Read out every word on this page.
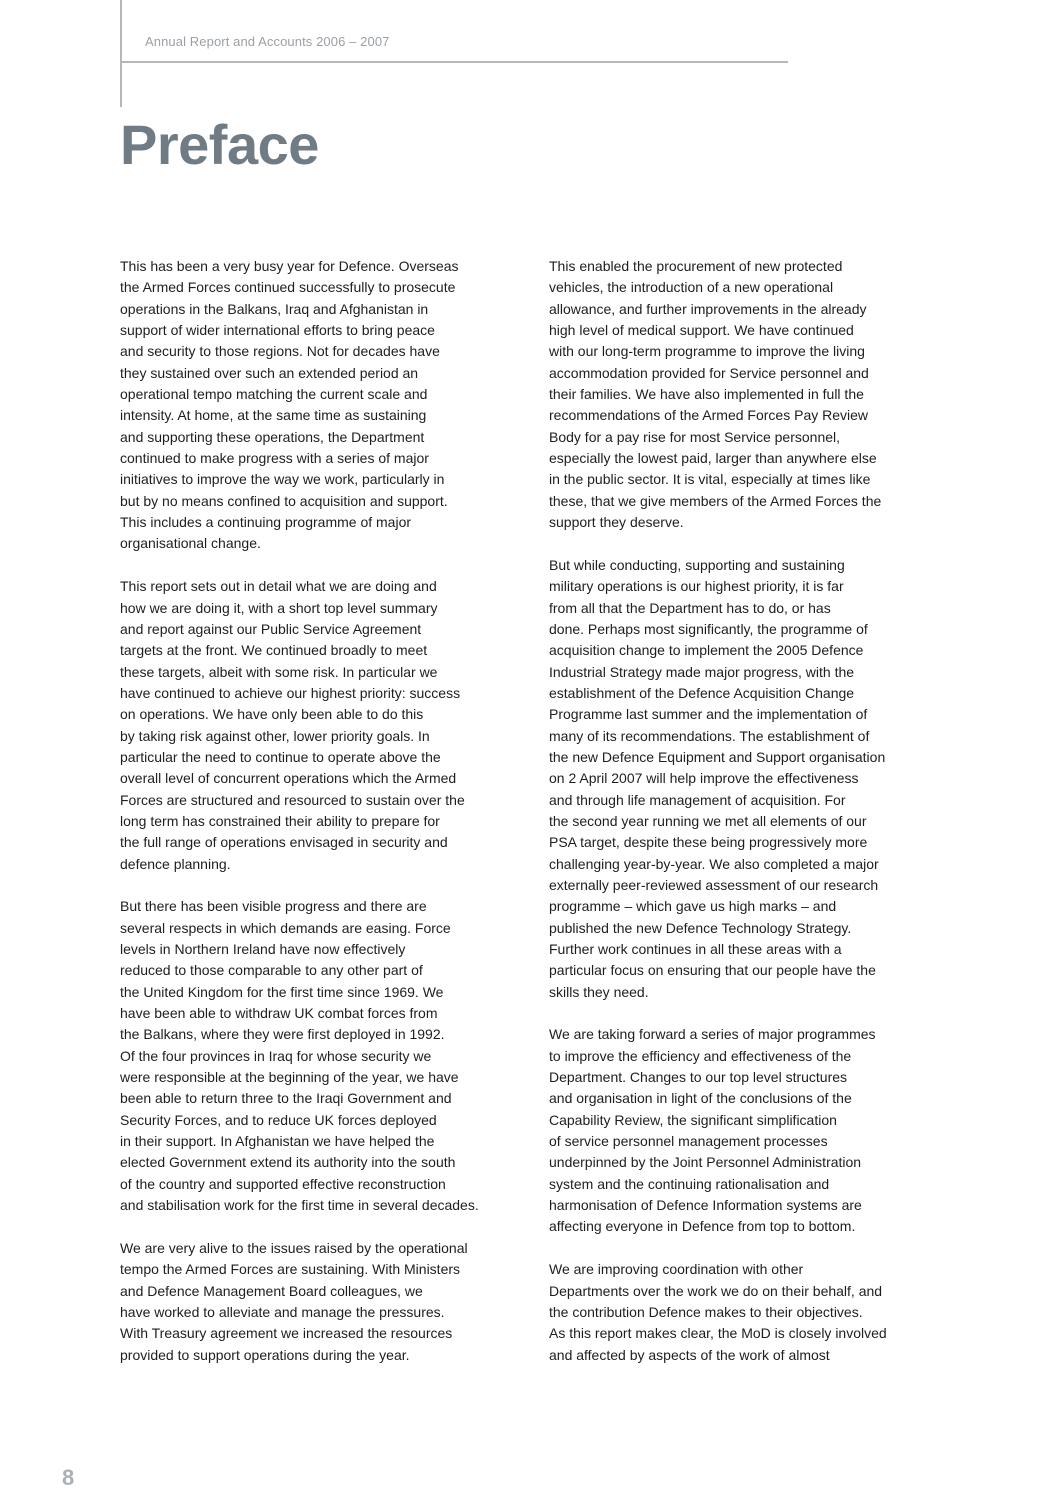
Annual Report and Accounts 2006 – 2007
Preface
This has been a very busy year for Defence. Overseas
the Armed Forces continued successfully to prosecute
operations in the Balkans, Iraq and Afghanistan in
support of wider international efforts to bring peace
and security to those regions. Not for decades have
they sustained over such an extended period an
operational tempo matching the current scale and
intensity. At home, at the same time as sustaining
and supporting these operations, the Department
continued to make progress with a series of major
initiatives to improve the way we work, particularly in
but by no means confined to acquisition and support.
This includes a continuing programme of major
organisational change.
This report sets out in detail what we are doing and
how we are doing it, with a short top level summary
and report against our Public Service Agreement
targets at the front. We continued broadly to meet
these targets, albeit with some risk. In particular we
have continued to achieve our highest priority: success
on operations. We have only been able to do this
by taking risk against other, lower priority goals. In
particular the need to continue to operate above the
overall level of concurrent operations which the Armed
Forces are structured and resourced to sustain over the
long term has constrained their ability to prepare for
the full range of operations envisaged in security and
defence planning.
But there has been visible progress and there are
several respects in which demands are easing. Force
levels in Northern Ireland have now effectively
reduced to those comparable to any other part of
the United Kingdom for the first time since 1969. We
have been able to withdraw UK combat forces from
the Balkans, where they were first deployed in 1992.
Of the four provinces in Iraq for whose security we
were responsible at the beginning of the year, we have
been able to return three to the Iraqi Government and
Security Forces, and to reduce UK forces deployed
in their support. In Afghanistan we have helped the
elected Government extend its authority into the south
of the country and supported effective reconstruction
and stabilisation work for the first time in several decades.
We are very alive to the issues raised by the operational
tempo the Armed Forces are sustaining. With Ministers
and Defence Management Board colleagues, we
have worked to alleviate and manage the pressures.
With Treasury agreement we increased the resources
provided to support operations during the year.
This enabled the procurement of new protected
vehicles, the introduction of a new operational
allowance, and further improvements in the already
high level of medical support. We have continued
with our long-term programme to improve the living
accommodation provided for Service personnel and
their families. We have also implemented in full the
recommendations of the Armed Forces Pay Review
Body for a pay rise for most Service personnel,
especially the lowest paid, larger than anywhere else
in the public sector. It is vital, especially at times like
these, that we give members of the Armed Forces the
support they deserve.
But while conducting, supporting and sustaining
military operations is our highest priority, it is far
from all that the Department has to do, or has
done. Perhaps most significantly, the programme of
acquisition change to implement the 2005 Defence
Industrial Strategy made major progress, with the
establishment of the Defence Acquisition Change
Programme last summer and the implementation of
many of its recommendations. The establishment of
the new Defence Equipment and Support organisation
on 2 April 2007 will help improve the effectiveness
and through life management of acquisition. For
the second year running we met all elements of our
PSA target, despite these being progressively more
challenging year-by-year. We also completed a major
externally peer-reviewed assessment of our research
programme – which gave us high marks – and
published the new Defence Technology Strategy.
Further work continues in all these areas with a
particular focus on ensuring that our people have the
skills they need.
We are taking forward a series of major programmes
to improve the efficiency and effectiveness of the
Department. Changes to our top level structures
and organisation in light of the conclusions of the
Capability Review, the significant simplification
of service personnel management processes
underpinned by the Joint Personnel Administration
system and the continuing rationalisation and
harmonisation of Defence Information systems are
affecting everyone in Defence from top to bottom.
We are improving coordination with other
Departments over the work we do on their behalf, and
the contribution Defence makes to their objectives.
As this report makes clear, the MoD is closely involved
and affected by aspects of the work of almost
8
